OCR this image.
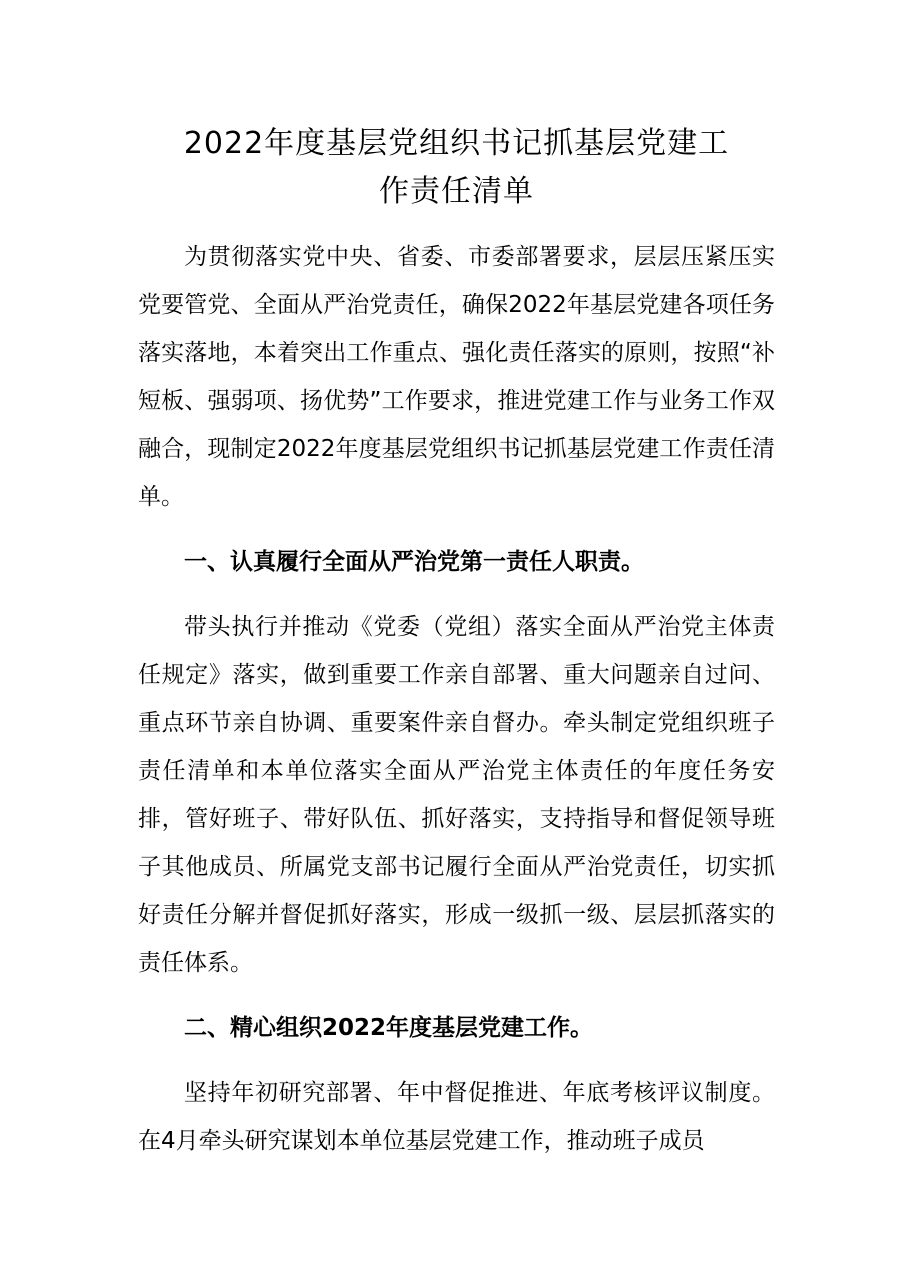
2022年度基层党组织书记抓基层党建工
作责任清单

为贯彻落实党中央、省委、市委部署要求，层层压紧压实党要管党、全面从严治党责任，确保2022年基层党建各项任务落实落地，本着突出工作重点、强化责任落实的原则，按照“补短板、强弱项、扬优势”工作要求，推进党建工作与业务工作双融合，现制定2022年度基层党组织书记抓基层党建工作责任清单。

一、认真履行全面从严治党第一责任人职责。

带头执行并推动《党委（党组）落实全面从严治党主体责任规定》落实，做到重要工作亲自部署、重大问题亲自过问、重点环节亲自协调、重要案件亲自督办。牵头制定党组织班子责任清单和本单位落实全面从严治党主体责任的年度任务安排，管好班子、带好队伍、抓好落实，支持指导和督促领导班子其他成员、所属党支部书记履行全面从严治党责任，切实抓好责任分解并督促抓好落实，形成一级抓一级、层层抓落实的责任体系。

二、精心组织2022年度基层党建工作。

坚持年初研究部署、年中督促推进、年底考核评议制度。在4月牵头研究谋划本单位基层党建工作，推动班子成员
